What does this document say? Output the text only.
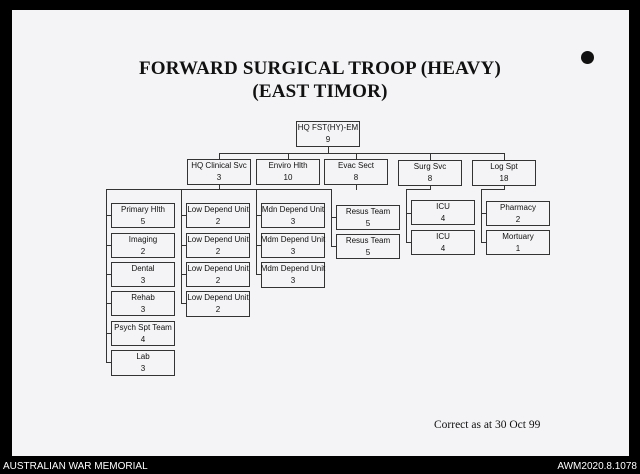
FORWARD SURGICAL TROOP (HEAVY)
(EAST TIMOR)
HQ FST(HY)-EM
9
HQ Clinical Svc
3
Enviro Hlth
10
Evac Sect
8
Surg Svc
8
Log Spt
18
Primary Hlth
5
Imaging
2
Dental
3
Rehab
3
Psych Spt Team
4
Lab
3
Low Depend Unit
2
Low Depend Unit
2
Low Depend Unit
2
Low Depend Unit
2
Mdn Depend Unit
3
Mdm Depend Unit
3
Mdm Depend Unit
3
Resus Team
5
Resus Team
5
ICU
4
ICU
4
Pharmacy
2
Mortuary
1
Correct as at 30 Oct 99
AUSTRALIAN WAR MEMORIAL	AWM2020.8.1078
